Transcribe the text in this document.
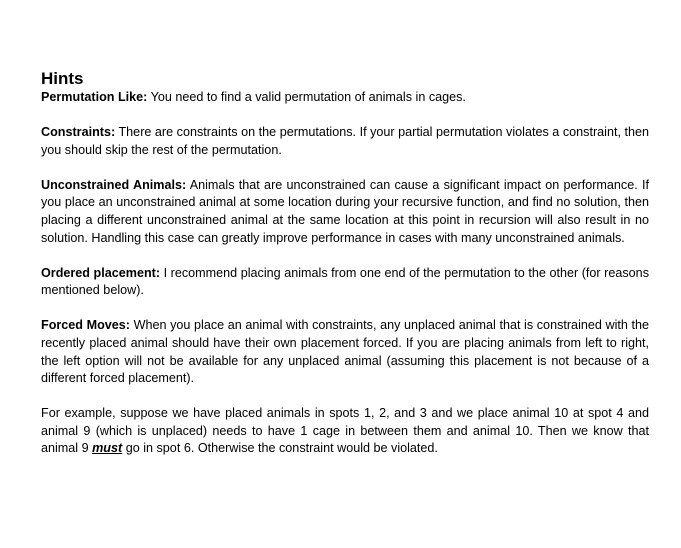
Hints

Permutation Like: You need to find a valid permutation of animals in cages.

Constraints: There are constraints on the permutations. If your partial permutation violates a constraint, then you should skip the rest of the permutation.

Unconstrained Animals: Animals that are unconstrained can cause a significant impact on performance. If you place an unconstrained animal at some location during your recursive function, and find no solution, then placing a different unconstrained animal at the same location at this point in recursion will also result in no solution. Handling this case can greatly improve performance in cases with many unconstrained animals.

Ordered placement: I recommend placing animals from one end of the permutation to the other (for reasons mentioned below).

Forced Moves: When you place an animal with constraints, any unplaced animal that is constrained with the recently placed animal should have their own placement forced. If you are placing animals from left to right, the left option will not be available for any unplaced animal (assuming this placement is not because of a different forced placement).

For example, suppose we have placed animals in spots 1, 2, and 3 and we place animal 10 at spot 4 and animal 9 (which is unplaced) needs to have 1 cage in between them and animal 10. Then we know that animal 9 must go in spot 6. Otherwise the constraint would be violated.
